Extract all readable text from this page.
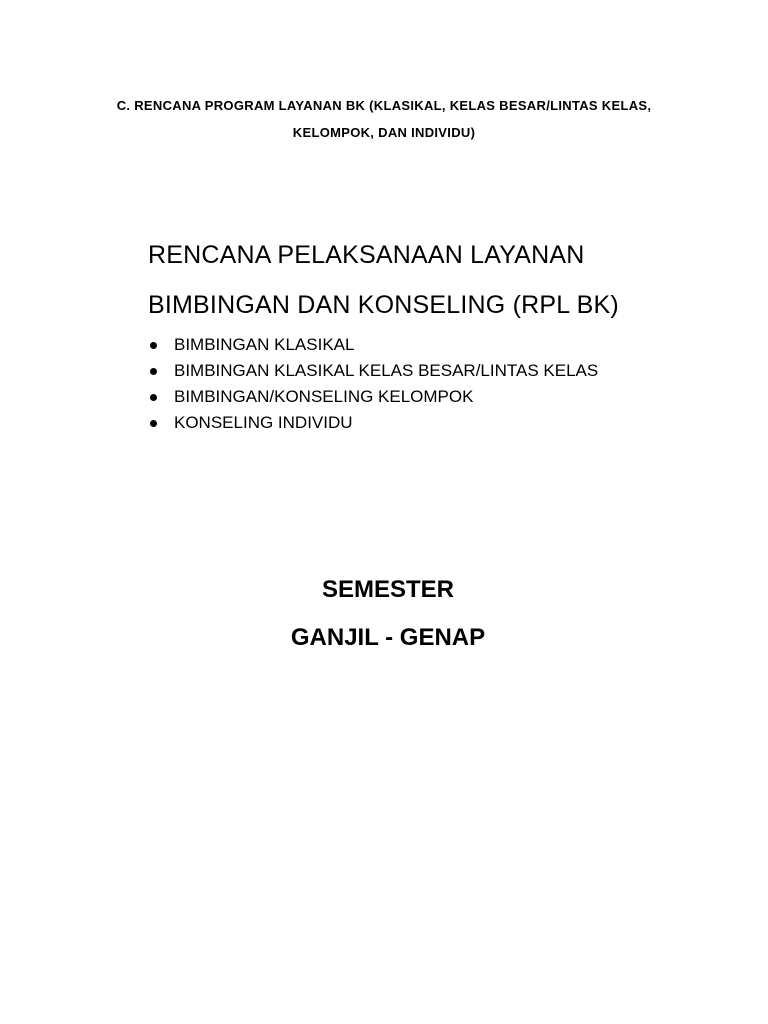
C. RENCANA PROGRAM LAYANAN BK (KLASIKAL, KELAS BESAR/LINTAS KELAS,
KELOMPOK, DAN INDIVIDU)
RENCANA PELAKSANAAN LAYANAN
BIMBINGAN DAN KONSELING (RPL BK)
BIMBINGAN KLASIKAL
BIMBINGAN KLASIKAL KELAS BESAR/LINTAS KELAS
BIMBINGAN/KONSELING KELOMPOK
KONSELING INDIVIDU
SEMESTER
GANJIL - GENAP
